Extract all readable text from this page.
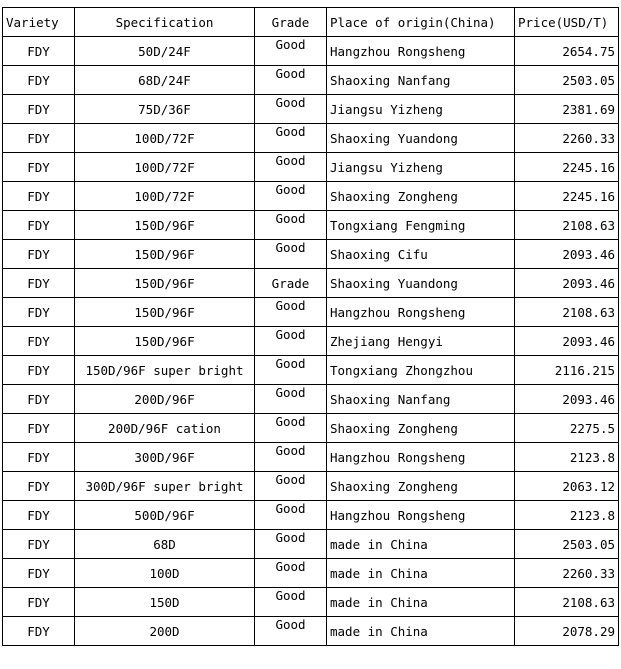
Variety	Specification	Grade	Place of origin(China)	Price(USD/T)
FDY	50D/24F	Good	Hangzhou Rongsheng	2654.75
FDY	68D/24F	Good	Shaoxing Nanfang	2503.05
FDY	75D/36F	Good	Jiangsu Yizheng	2381.69
FDY	100D/72F	Good	Shaoxing Yuandong	2260.33
FDY	100D/72F	Good	Jiangsu Yizheng	2245.16
FDY	100D/72F	Good	Shaoxing Zongheng	2245.16
FDY	150D/96F	Good	Tongxiang Fengming	2108.63
FDY	150D/96F	Good	Shaoxing Cifu	2093.46
FDY	150D/96F	Grade	Shaoxing Yuandong	2093.46
FDY	150D/96F	Good	Hangzhou Rongsheng	2108.63
FDY	150D/96F	Good	Zhejiang Hengyi	2093.46
FDY	150D/96F super bright	Good	Tongxiang Zhongzhou	2116.215
FDY	200D/96F	Good	Shaoxing Nanfang	2093.46
FDY	200D/96F cation	Good	Shaoxing Zongheng	2275.5
FDY	300D/96F	Good	Hangzhou Rongsheng	2123.8
FDY	300D/96F super bright	Good	Shaoxing Zongheng	2063.12
FDY	500D/96F	Good	Hangzhou Rongsheng	2123.8
FDY	68D	Good	made in China	2503.05
FDY	100D	Good	made in China	2260.33
FDY	150D	Good	made in China	2108.63
FDY	200D	Good	made in China	2078.29
